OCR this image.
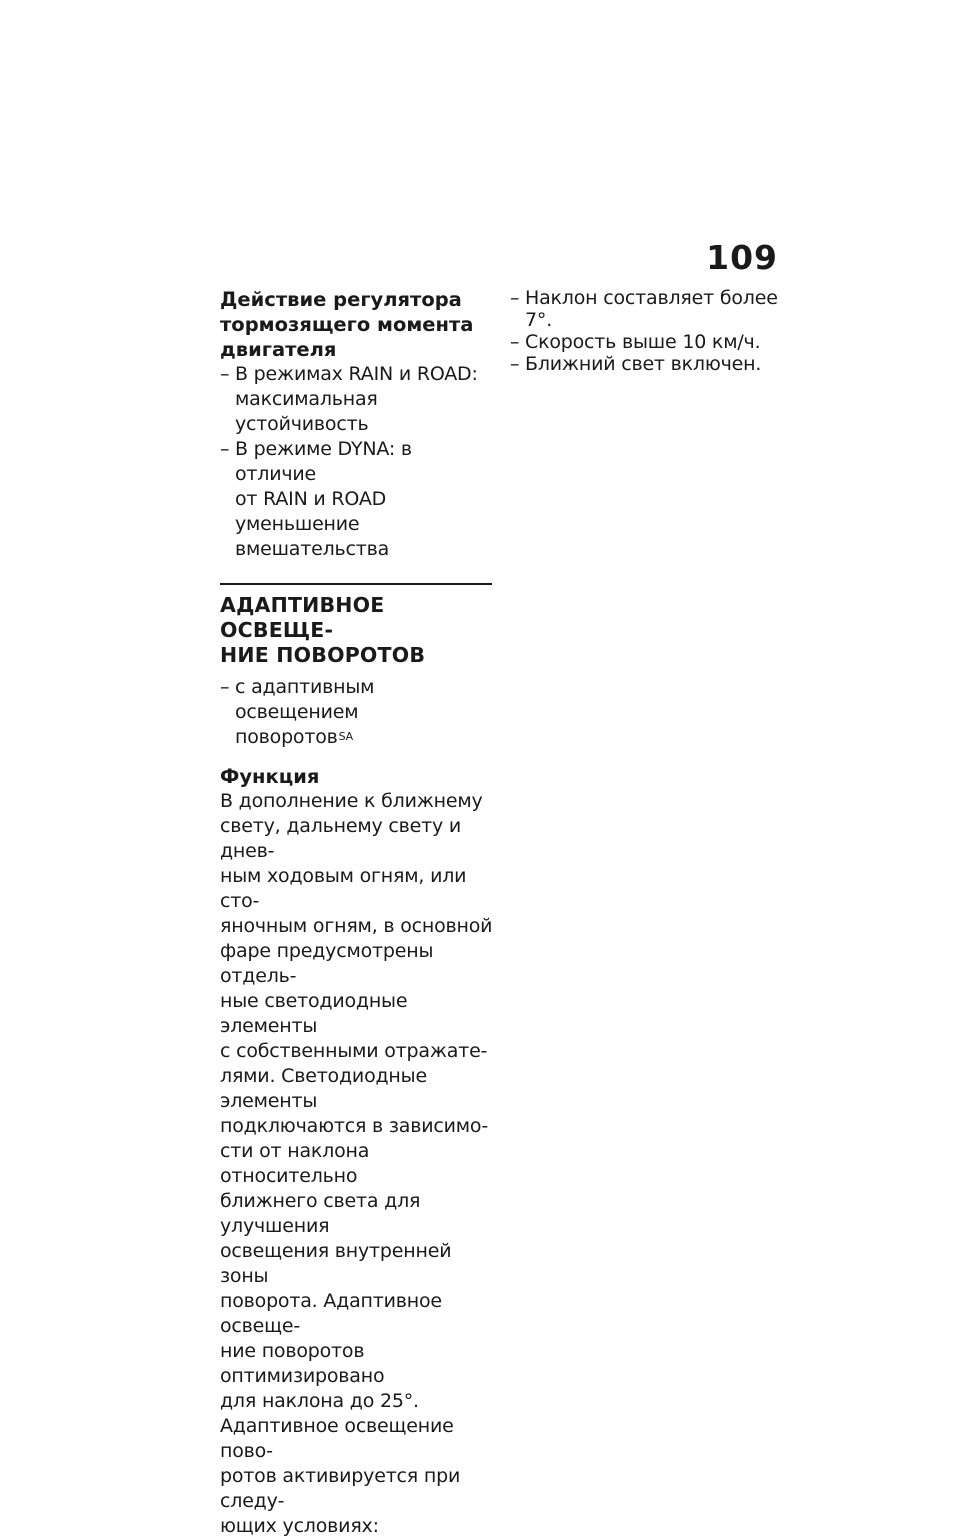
109
Действие регулятора
тормозящего момента
двигателя
– В режимах RAIN и ROAD:
максимальная устойчивость
– В режиме DYNA: в отличие
от RAIN и ROAD уменьшение
вмешательства
АДАПТИВНОЕ ОСВЕЩЕ-
НИЕ ПОВОРОТОВ
– с адаптивным освещением
поворотов$^{SA}$
Функция
В дополнение к ближнему
свету, дальнему свету и днев-
ным ходовым огням, или сто-
яночным огням, в основной
фаре предусмотрены отдель-
ные светодиодные элементы
с собственными отражате-
лями. Светодиодные элементы
подключаются в зависимо-
сти от наклона относительно
ближнего света для улучшения
освещения внутренней зоны
поворота. Адаптивное освеще-
ние поворотов оптимизировано
для наклона до 25°.
Адаптивное освещение пово-
ротов активируется при следу-
ющих условиях:
– Наклон составляет более 7°.
– Скорость выше 10 км/ч.
– Ближний свет включен.
